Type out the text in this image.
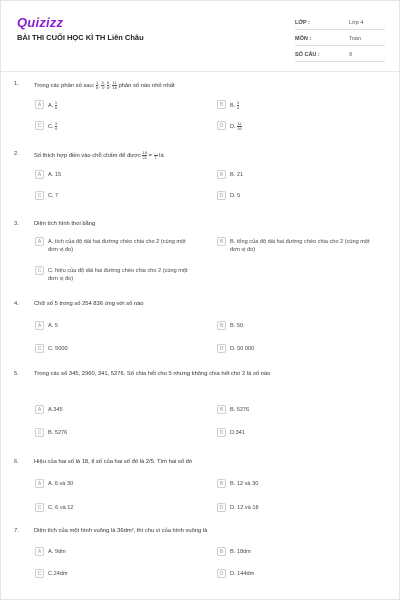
Quizizz
BÀI THI CUỐI HỌC KÌ TH Liên Châu
LỚP :	Lớp 4
MÔN :	Toán
SỐ CÂU :	9
1.	Trong các phân số sau: $\frac{1}{6}$ ; $\frac{3}{4}$ ; $\frac{5}{6}$ ; $\frac{11}{16}$ phân số nào nhỏ nhất
A	A. $\frac{1}{6}$	B	B. $\frac{3}{4}$
C	C. $\frac{5}{6}$	D	D. $\frac{11}{16}$
2.	Số thích hợp điền vào chỗ chấm để được $\frac{15}{21} = \frac{\dots}{7}$ là
A	A. 15	B	B. 21
C	C. 7	D	D. 5
3.	Diện tích hình thoi bằng
A	A. tích của độ dài hai đường chéo chia cho 2 (cùng một đơn vị đo)
B	B. tổng của độ dài hai đường chéo chia cho 2 (cùng một đơn vị đo)
C	C. hiệu của độ dài hai đường chéo chia cho 2 (cùng một đơn vị đo)
4.	Chữ số 5 trong số 254 836 ứng với số nào
A	A. 5	B	B. 50
C	C. 5000	D	D. 50 000
5.	Trong các số 345, 2960, 341, 5276. Số chia hết cho 5 nhưng không chia hết cho 2 là số nào
A	A.345	B	B. 5276
C	B. 5276	D	D.341
6.	Hiệu của hai số là 18, tỉ số của hai số đó là 2/5. Tìm hai số đó
A	A. 6 và 30	B	B. 12 và 30
C	C. 6 và 12	D	D. 12 và 18
7.	Diện tích của một hình vuông là 36dm², thì chu vi của hình vuông là
A	A. 9dm	B	B. 18dm
C	C.24dm	D	D. 144dm
